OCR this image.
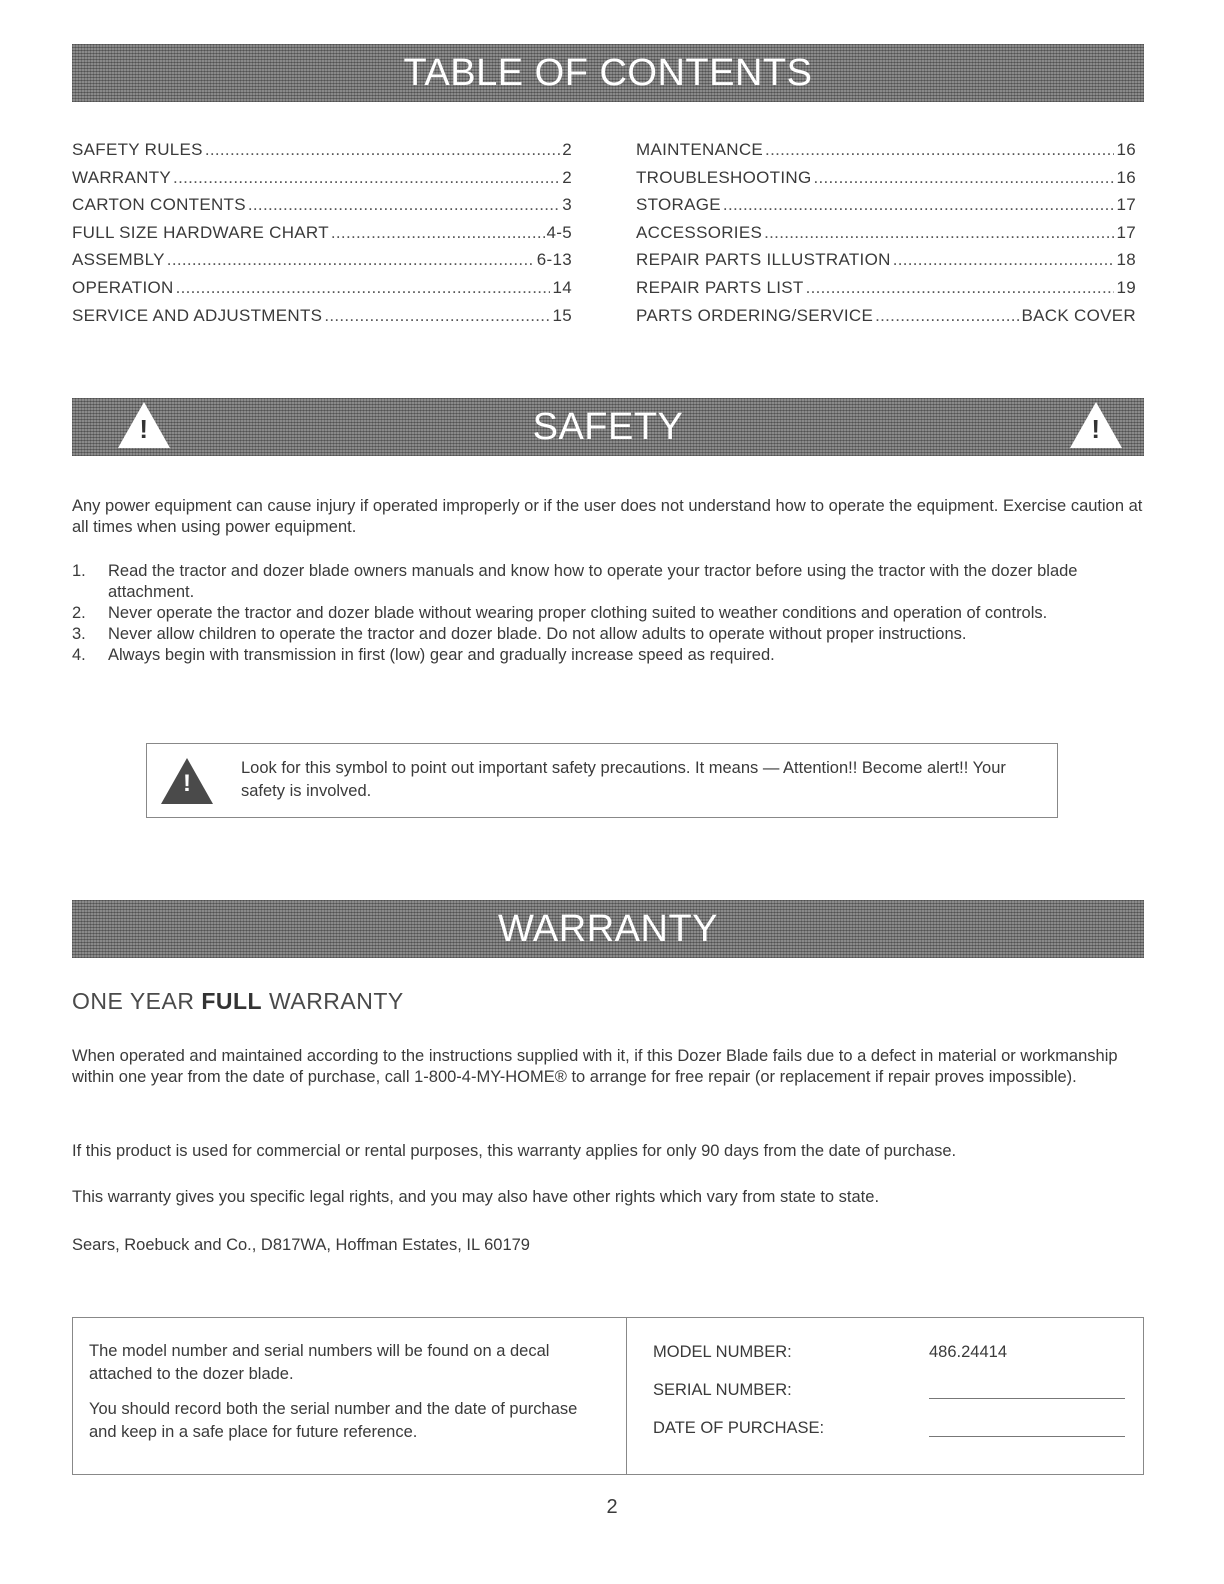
TABLE OF CONTENTS
SAFETY RULES .....	2
WARRANTY .....	2
CARTON CONTENTS .....	3
FULL SIZE HARDWARE CHART .....	4-5
ASSEMBLY .....	6-13
OPERATION .....	14
SERVICE AND ADJUSTMENTS .....	15
MAINTENANCE .....	16
TROUBLESHOOTING .....	16
STORAGE .....	17
ACCESSORIES .....	17
REPAIR PARTS ILLUSTRATION .....	18
REPAIR PARTS LIST .....	19
PARTS ORDERING/SERVICE .....	BACK COVER
!	SAFETY	!
Any power equipment can cause injury if operated improperly or if the user does not understand how to operate the equipment. Exercise caution at all times when using power equipment.
1. Read the tractor and dozer blade owners manuals and know how to operate your tractor before using the tractor with the dozer blade attachment.
2. Never operate the tractor and dozer blade without wearing proper clothing suited to weather conditions and operation of controls.
3. Never allow children to operate the tractor and dozer blade. Do not allow adults to operate without proper instructions.
4. Always begin with transmission in first (low) gear and gradually increase speed as required.
!
Look for this symbol to point out important safety precautions. It means — Attention!! Become alert!! Your safety is involved.
WARRANTY
ONE YEAR FULL WARRANTY
When operated and maintained according to the instructions supplied with it, if this Dozer Blade fails due to a defect in material or workmanship within one year from the date of purchase, call 1-800-4-MY-HOME® to arrange for free repair (or replacement if repair proves impossible).
If this product is used for commercial or rental purposes, this warranty applies for only 90 days from the date of purchase.
This warranty gives you specific legal rights, and you may also have other rights which vary from state to state.
Sears, Roebuck and Co., D817WA, Hoffman Estates, IL 60179
The model number and serial numbers will be found on a decal attached to the dozer blade.
You should record both the serial number and the date of purchase and keep in a safe place for future reference.
MODEL NUMBER:	486.24414
SERIAL NUMBER:
DATE OF PURCHASE:
2
